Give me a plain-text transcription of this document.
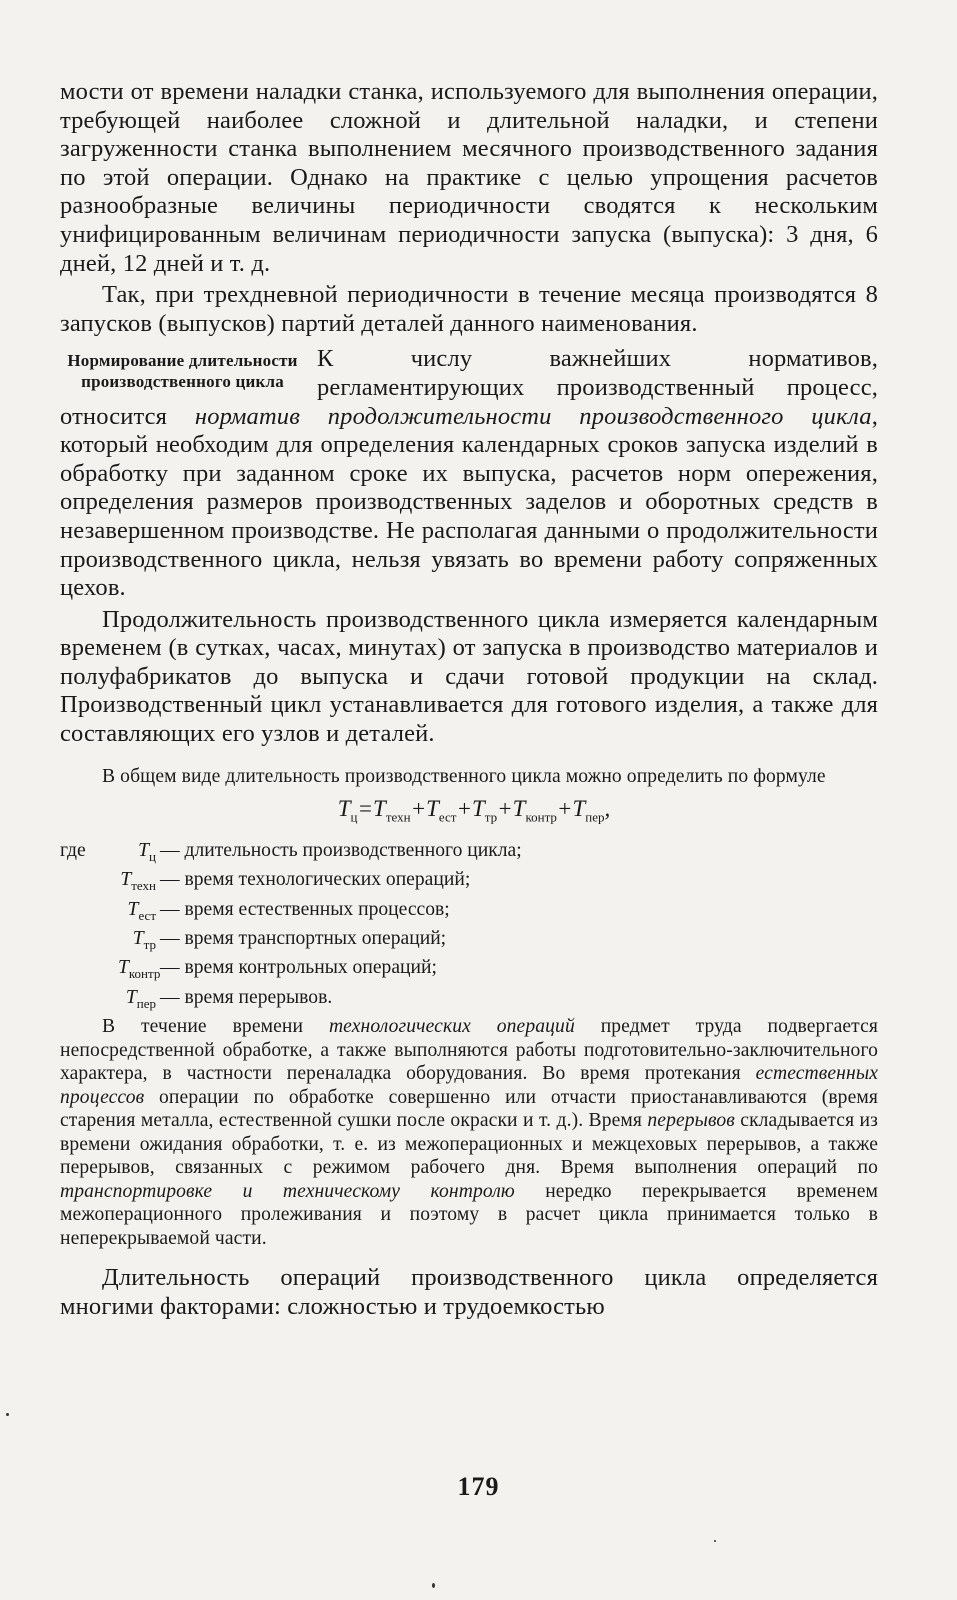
мости от времени наладки станка, используемого для выполнения операции, требующей наиболее сложной и длительной наладки, и степени загруженности станка выполнением месячного производственного задания по этой операции. Однако на практике с целью упрощения расчетов разнообразные величины периодичности сводятся к нескольким унифицированным величинам периодичности запуска (выпуска): 3 дня, 6 дней, 12 дней и т. д.

Так, при трехдневной периодичности в течение месяца производятся 8 запусков (выпусков) партий деталей данного наименования.

Нормирование длительности производственного цикла

К числу важнейших нормативов, регламентирующих производственный процесс, относится норматив продолжительности производственного цикла, который необходим для определения календарных сроков запуска изделий в обработку при заданном сроке их выпуска, расчетов норм опережения, определения размеров производственных заделов и оборотных средств в незавершенном производстве. Не располагая данными о продолжительности производственного цикла, нельзя увязать во времени работу сопряженных цехов.

Продолжительность производственного цикла измеряется календарным временем (в сутках, часах, минутах) от запуска в производство материалов и полуфабрикатов до выпуска и сдачи готовой продукции на склад. Производственный цикл устанавливается для готового изделия, а также для составляющих его узлов и деталей.

В общем виде длительность производственного цикла можно определить по формуле

$T_ц=T_{техн}+T_{ест}+T_{тр}+T_{контр}+T_{пер}$,
где	$T_ц$ — длительность производственного цикла;
$T_{техн}$ — время технологических операций;
$T_{ест}$ — время естественных процессов;
$T_{тр}$ — время транспортных операций;
$T_{контр}$ — время контрольных операций;
$T_{пер}$ — время перерывов.

В течение времени технологических операций предмет труда подвергается непосредственной обработке, а также выполняются работы подготовительно-заключительного характера, в частности переналадка оборудования. Во время протекания естественных процессов операции по обработке совершенно или отчасти приостанавливаются (время старения металла, естественной сушки после окраски и т. д.). Время перерывов складывается из времени ожидания обработки, т. е. из межоперационных и межцеховых перерывов, а также перерывов, связанных с режимом рабочего дня. Время выполнения операций по транспортировке и техническому контролю нередко перекрывается временем межоперационного пролеживания и поэтому в расчет цикла принимается только в неперекрываемой части.

Длительность операций производственного цикла определяется многими факторами: сложностью и трудоемкостью

179
